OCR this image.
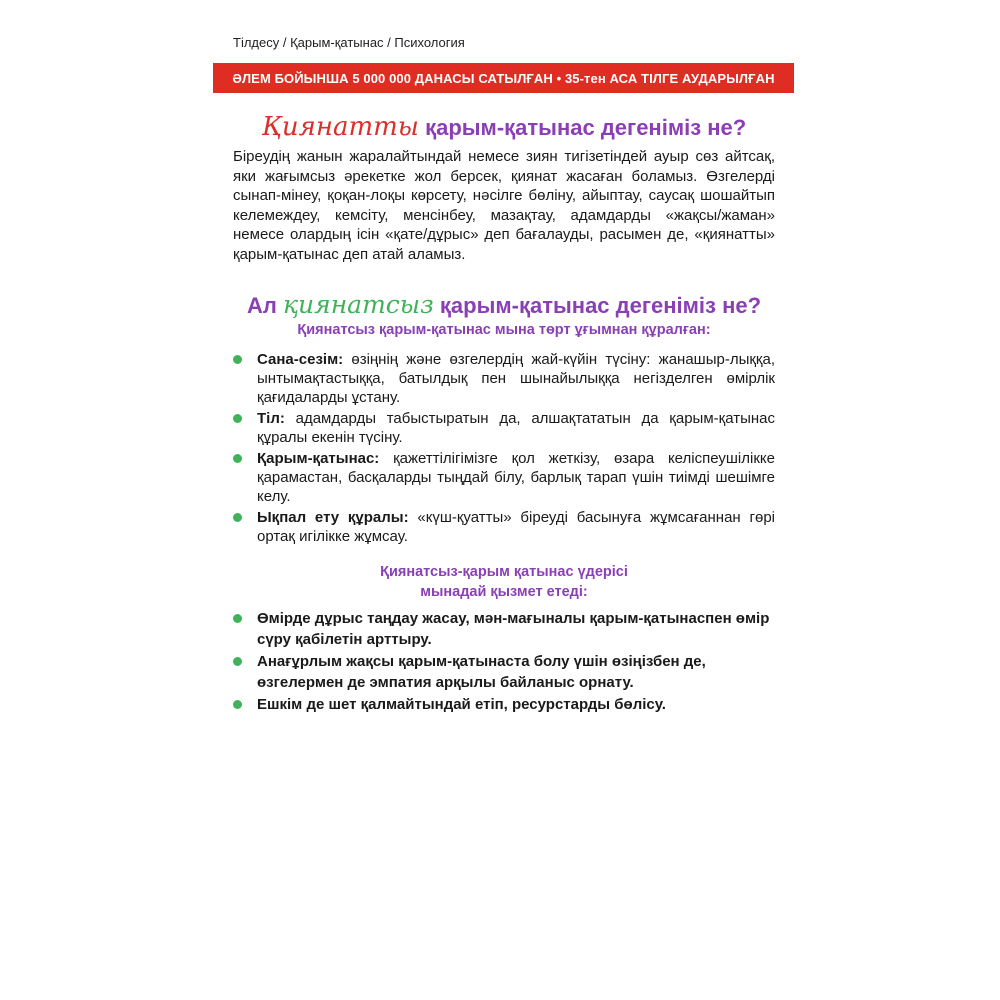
Тілдесу / Қарым-қатынас / Психология
ӘЛЕМ БОЙЫНША 5 000 000 ДАНАСЫ САТЫЛҒАН • 35-тен АСА ТІЛГЕ АУДАРЫЛҒАН
Қиянатты қарым-қатынас дегеніміз не?
Біреудің жанын жаралайтындай немесе зиян тигізетіндей ауыр сөз айтсақ, яки жағымсыз әрекетке жол берсек, қиянат жасаған боламыз. Өзгелерді сынап-мінеу, қоқан-лоқы көрсету, нәсілге бөліну, айыптау, саусақ шошайтып келемеждеу, кемсіту, менсінбеу, мазақтау, адамдарды «жақсы/жаман» немесе олардың ісін «қате/дұрыс» деп бағалауды, расымен де, «қиянатты» қарым-қатынас деп атай аламыз.
Ал қиянатсыз қарым-қатынас дегеніміз не?
Қиянатсыз қарым-қатынас мына төрт ұғымнан құралған:
Сана-сезім: өзіңнің және өзгелердің жай-күйін түсіну: жанашыр-лыққа, ынтымақтастыққа, батылдық пен шынайылыққа негізделген өмірлік қағидаларды ұстану.
Тіл: адамдарды табыстыратын да, алшақтататын да қарым-қатынас құралы екенін түсіну.
Қарым-қатынас: қажеттілігімізге қол жеткізу, өзара келіспеушілікке қарамастан, басқаларды тыңдай білу, барлық тарап үшін тиімді шешімге келу.
Ықпал ету құралы: «күш-қуатты» біреуді басынуға жұмсағаннан гөрі ортақ игілікке жұмсау.
Қиянатсыз-қарым қатынас үдерісі
мынадай қызмет етеді:
Өмірде дұрыс таңдау жасау, мән-мағыналы қарым-қатынаспен өмір сүру қабілетін арттыру.
Анағұрлым жақсы қарым-қатынаста болу үшін өзіңізбен де, өзгелермен де эмпатия арқылы байланыс орнату.
Ешкім де шет қалмайтындай етіп, ресурстарды бөлісу.
